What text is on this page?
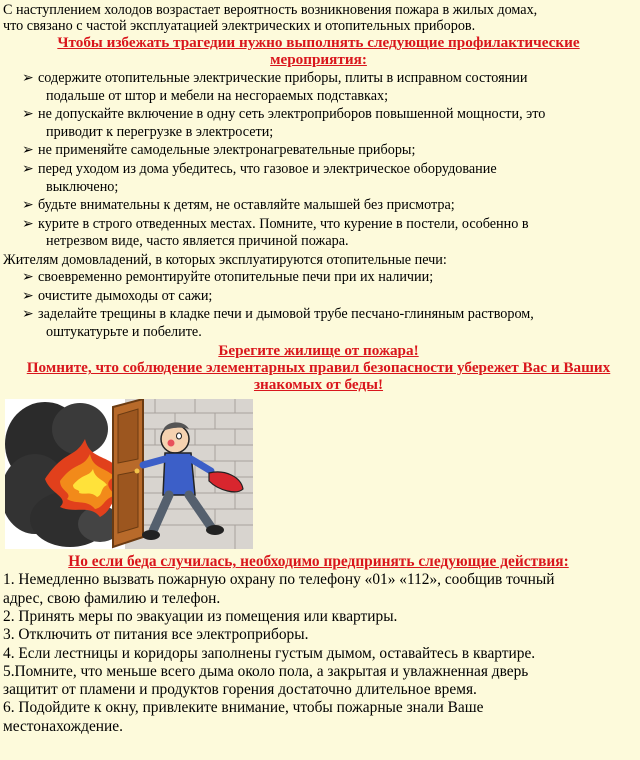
С наступлением холодов возрастает вероятность возникновения пожара в жилых домах,
что связано с частой эксплуатацией электрических и отопительных приборов.

Чтобы избежать трагедии нужно выполнять следующие профилактические
мероприятия:

➢ содержите отопительные электрические приборы, плиты в исправном состоянии
подальше от штор и мебели на несгораемых подставках;
➢ не допускайте включение в одну сеть электроприборов повышенной мощности, это
приводит к перегрузке в электросети;
➢ не применяйте самодельные электронагревательные приборы;
➢ перед уходом из дома убедитесь, что газовое и электрическое оборудование
выключено;
➢ будьте внимательны к детям, не оставляйте малышей без присмотра;
➢ курите в строго отведенных местах. Помните, что курение в постели, особенно в
нетрезвом виде, часто является причиной пожара.

Жителям домовладений, в которых эксплуатируются отопительные печи:

➢ своевременно ремонтируйте отопительные печи при их наличии;
➢ очистите дымоходы от сажи;
➢ заделайте трещины в кладке печи и дымовой трубе песчано-глиняным раствором,
оштукатурьте и побелите.

Берегите жилище от пожара!

Помните, что соблюдение элементарных правил безопасности убережет Вас и Ваших
знакомых от беды!

Но если беда случилась, необходимо предпринять следующие действия:

1. Немедленно вызвать пожарную охрану по телефону «01» «112», сообщив точный
адрес, свою фамилию и телефон.

2. Принять меры по эвакуации из помещения или квартиры.

3. Отключить от питания все электроприборы.

4. Если лестницы и коридоры заполнены густым дымом, оставайтесь в квартире.

5.Помните, что меньше всего дыма около пола, а закрытая и увлажненная дверь
защитит от пламени и продуктов горения достаточно длительное время.

6. Подойдите к окну, привлеките внимание, чтобы пожарные знали Ваше
местонахождение.
